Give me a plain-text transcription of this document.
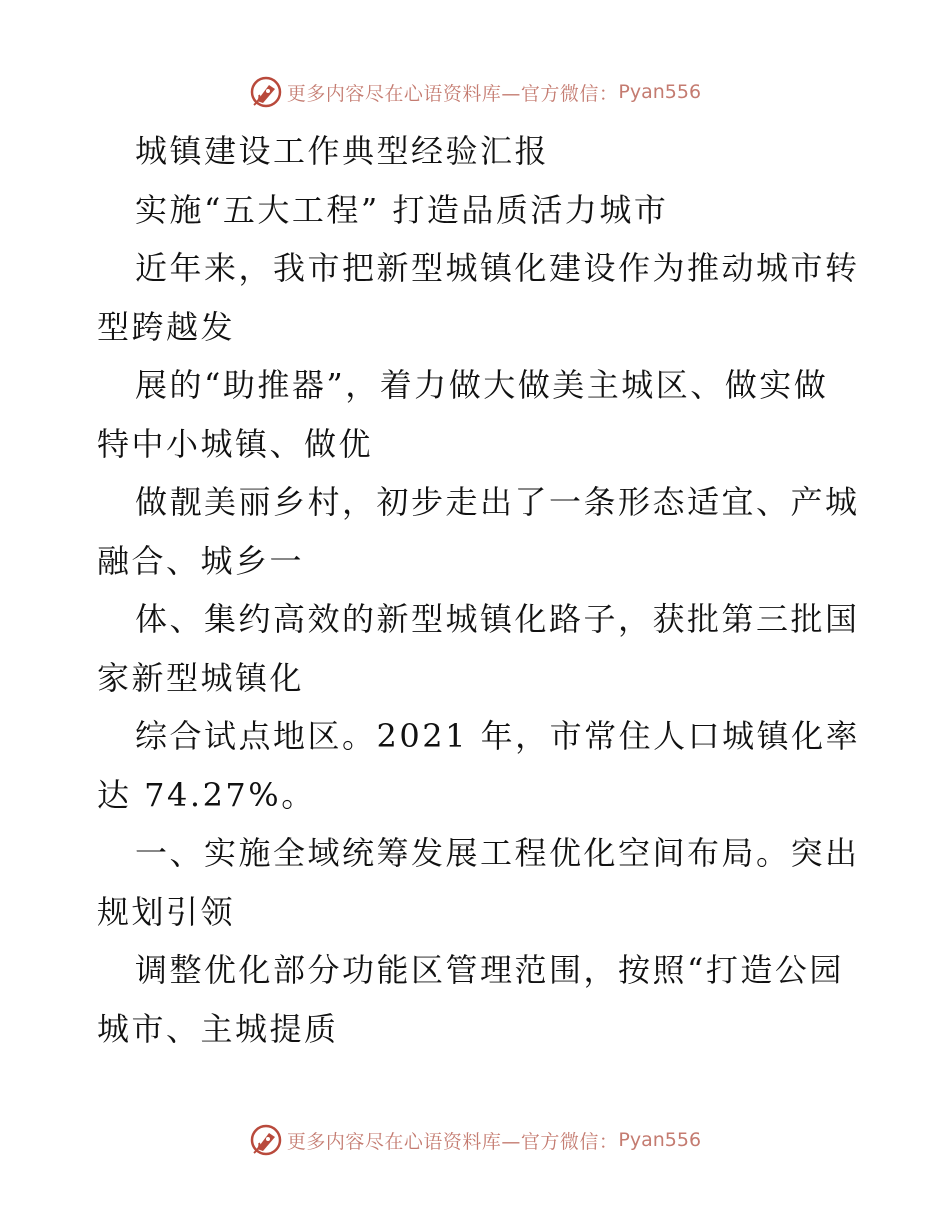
更多内容尽在心语资料库—官方微信： Pyan556
城镇建设工作典型经验汇报
实施“五大工程” 打造品质活力城市
近年来，我市把新型城镇化建设作为推动城市转
型跨越发
展的“助推器”，着力做大做美主城区、做实做
特中小城镇、做优
做靓美丽乡村，初步走出了一条形态适宜、产城
融合、城乡一
体、集约高效的新型城镇化路子，获批第三批国
家新型城镇化
综合试点地区。2021 年，市常住人口城镇化率
达 74.27%。
一、实施全域统筹发展工程优化空间布局。突出
规划引领
调整优化部分功能区管理范围，按照“打造公园
城市、主城提质
更多内容尽在心语资料库—官方微信： Pyan556
